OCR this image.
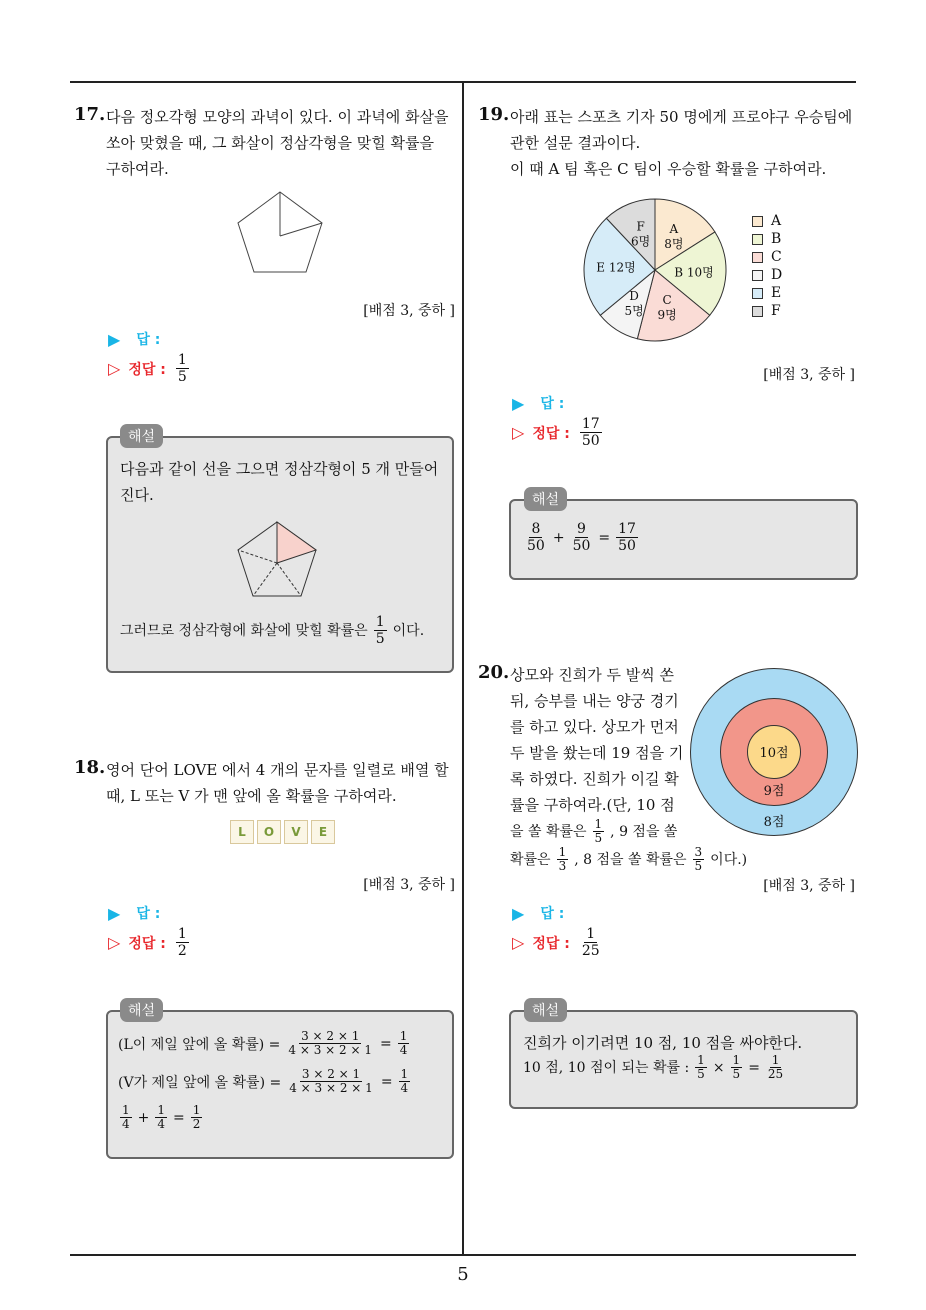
5
17. 다음 정오각형 모양의 과녁이 있다. 이 과녁에 화살을

쏘아 맞혔을 때, 그 화살이 정삼각형을 맞힐 확률을

구하여라.

[배점 3, 중하 ]
▶ 답 :
▷ 정답 : $\frac{1}{5}$

다음과 같이 선을 그으면 정삼각형이 5 개 만들어

진다.

그러므로 정삼각형에 화살에 맞힐 확률은 $\frac{1}{5}$ 이다.
해설
18. 영어 단어 LOVE 에서 4 개의 문자를 일렬로 배열 할

때, L 또는 V 가 맨 앞에 올 확률을 구하여라.

L O V E
[배점 3, 중하 ]
▶ 답 :
▷ 정답 : $\frac{1}{2}$
(L이 제일 앞에 올 확률) = $\frac{3 \times 2 \times 1}{4 \times 3 \times 2 \times 1} = \frac{1}{4}$
(V가 제일 앞에 올 확률) = $\frac{3 \times 2 \times 1}{4 \times 3 \times 2 \times 1} = \frac{1}{4}$
$\frac{1}{4} + \frac{1}{4} = \frac{1}{2}$
해설
19. 아래 표는 스포츠 기자 50 명에게 프로야구 우승팀에

관한 설문 결과이다.

이 때 A 팀 혹은 C 팀이 우승할 확률을 구하여라.

A 8명
B 10명
C 9명
D 5명
E 12명
F 6명
A
B
C
D
E
F
[배점 3, 중하 ]
▶ 답 :
▷ 정답 : $\frac{17}{50}$
$\frac{8}{50} + \frac{9}{50} = \frac{17}{50}$
해설
20. 상모와 진희가 두 발씩 쏜

뒤, 승부를 내는 양궁 경기

를 하고 있다. 상모가 먼저

두 발을 쐈는데 19 점을 기

록 하였다. 진희가 이길 확

률을 구하여라.(단, 10 점

을 쏠 확률은 $\frac{1}{5}$ , 9 점을 쏠
확률은 $\frac{1}{3}$ , 8 점을 쏠 확률은 $\frac{3}{5}$ 이다.)
10점
9점
8점
[배점 3, 중하 ]
▶ 답 :
▷ 정답 : $\frac{1}{25}$
진희가 이기려면 10 점, 10 점을 싸야한다.
10 점, 10 점이 되는 확률 : $\frac{1}{5} \times \frac{1}{5} = \frac{1}{25}$
해설
